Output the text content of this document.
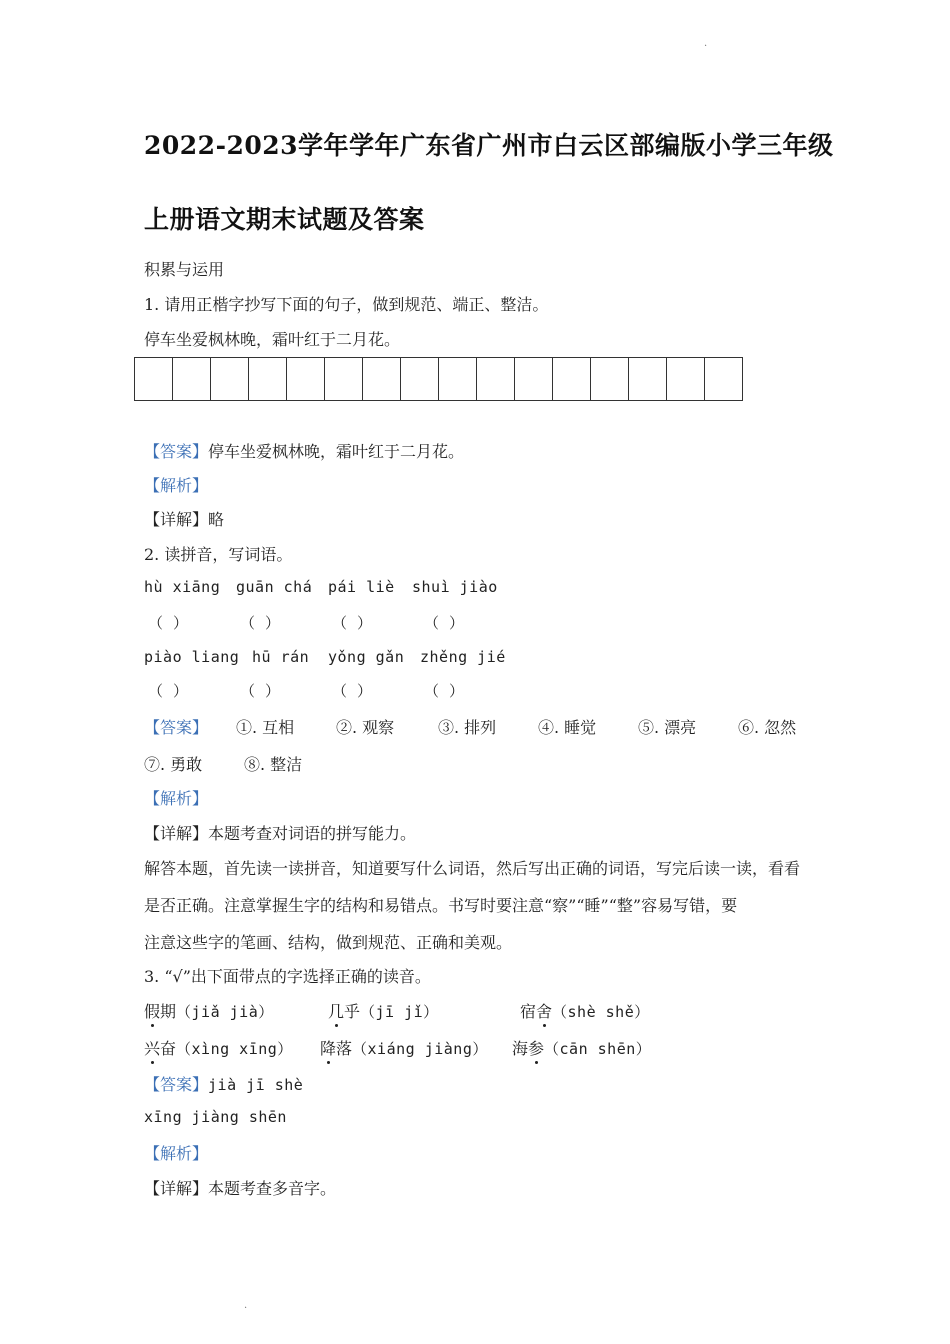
.
2022-2023学年学年广东省广州市白云区部编版小学三年级
上册语文期末试题及答案
积累与运用
1. 请用正楷字抄写下面的句子，做到规范、端正、整洁。
停车坐爱枫林晚，霜叶红于二月花。
【答案】停车坐爱枫林晚，霜叶红于二月花。
【解析】
【详解】略
2. 读拼音，写词语。
hù xiāng guān chá pái liè shuì jiào
（ ）	（ ）	（ ）	（ ）
piào liang hū rán yǒng gǎn zhěng jié
（ ）	（ ）	（ ）	（ ）
【答案】 ①. 互相	②. 观察	③. 排列	④. 睡觉	⑤. 漂亮	⑥. 忽然
⑦. 勇敢	⑧. 整洁
【解析】
【详解】本题考查对词语的拼写能力。
解答本题，首先读一读拼音，知道要写什么词语，然后写出正确的词语，写完后读一读，看看
是否正确。注意掌握生字的结构和易错点。书写时要注意“察”“睡”“整”容易写错，要
注意这些字的笔画、结构，做到规范、正确和美观。
3. “√”出下面带点的字选择正确的读音。
假期（jiǎ jià）	几乎（jī jǐ）	宿舍（shè shě）
兴奋（xìng xīng） 降落（xiáng jiàng） 海参（cān shēn）
【答案】jià jī shè
xīng jiàng shēn
【解析】
【详解】本题考查多音字。
.
